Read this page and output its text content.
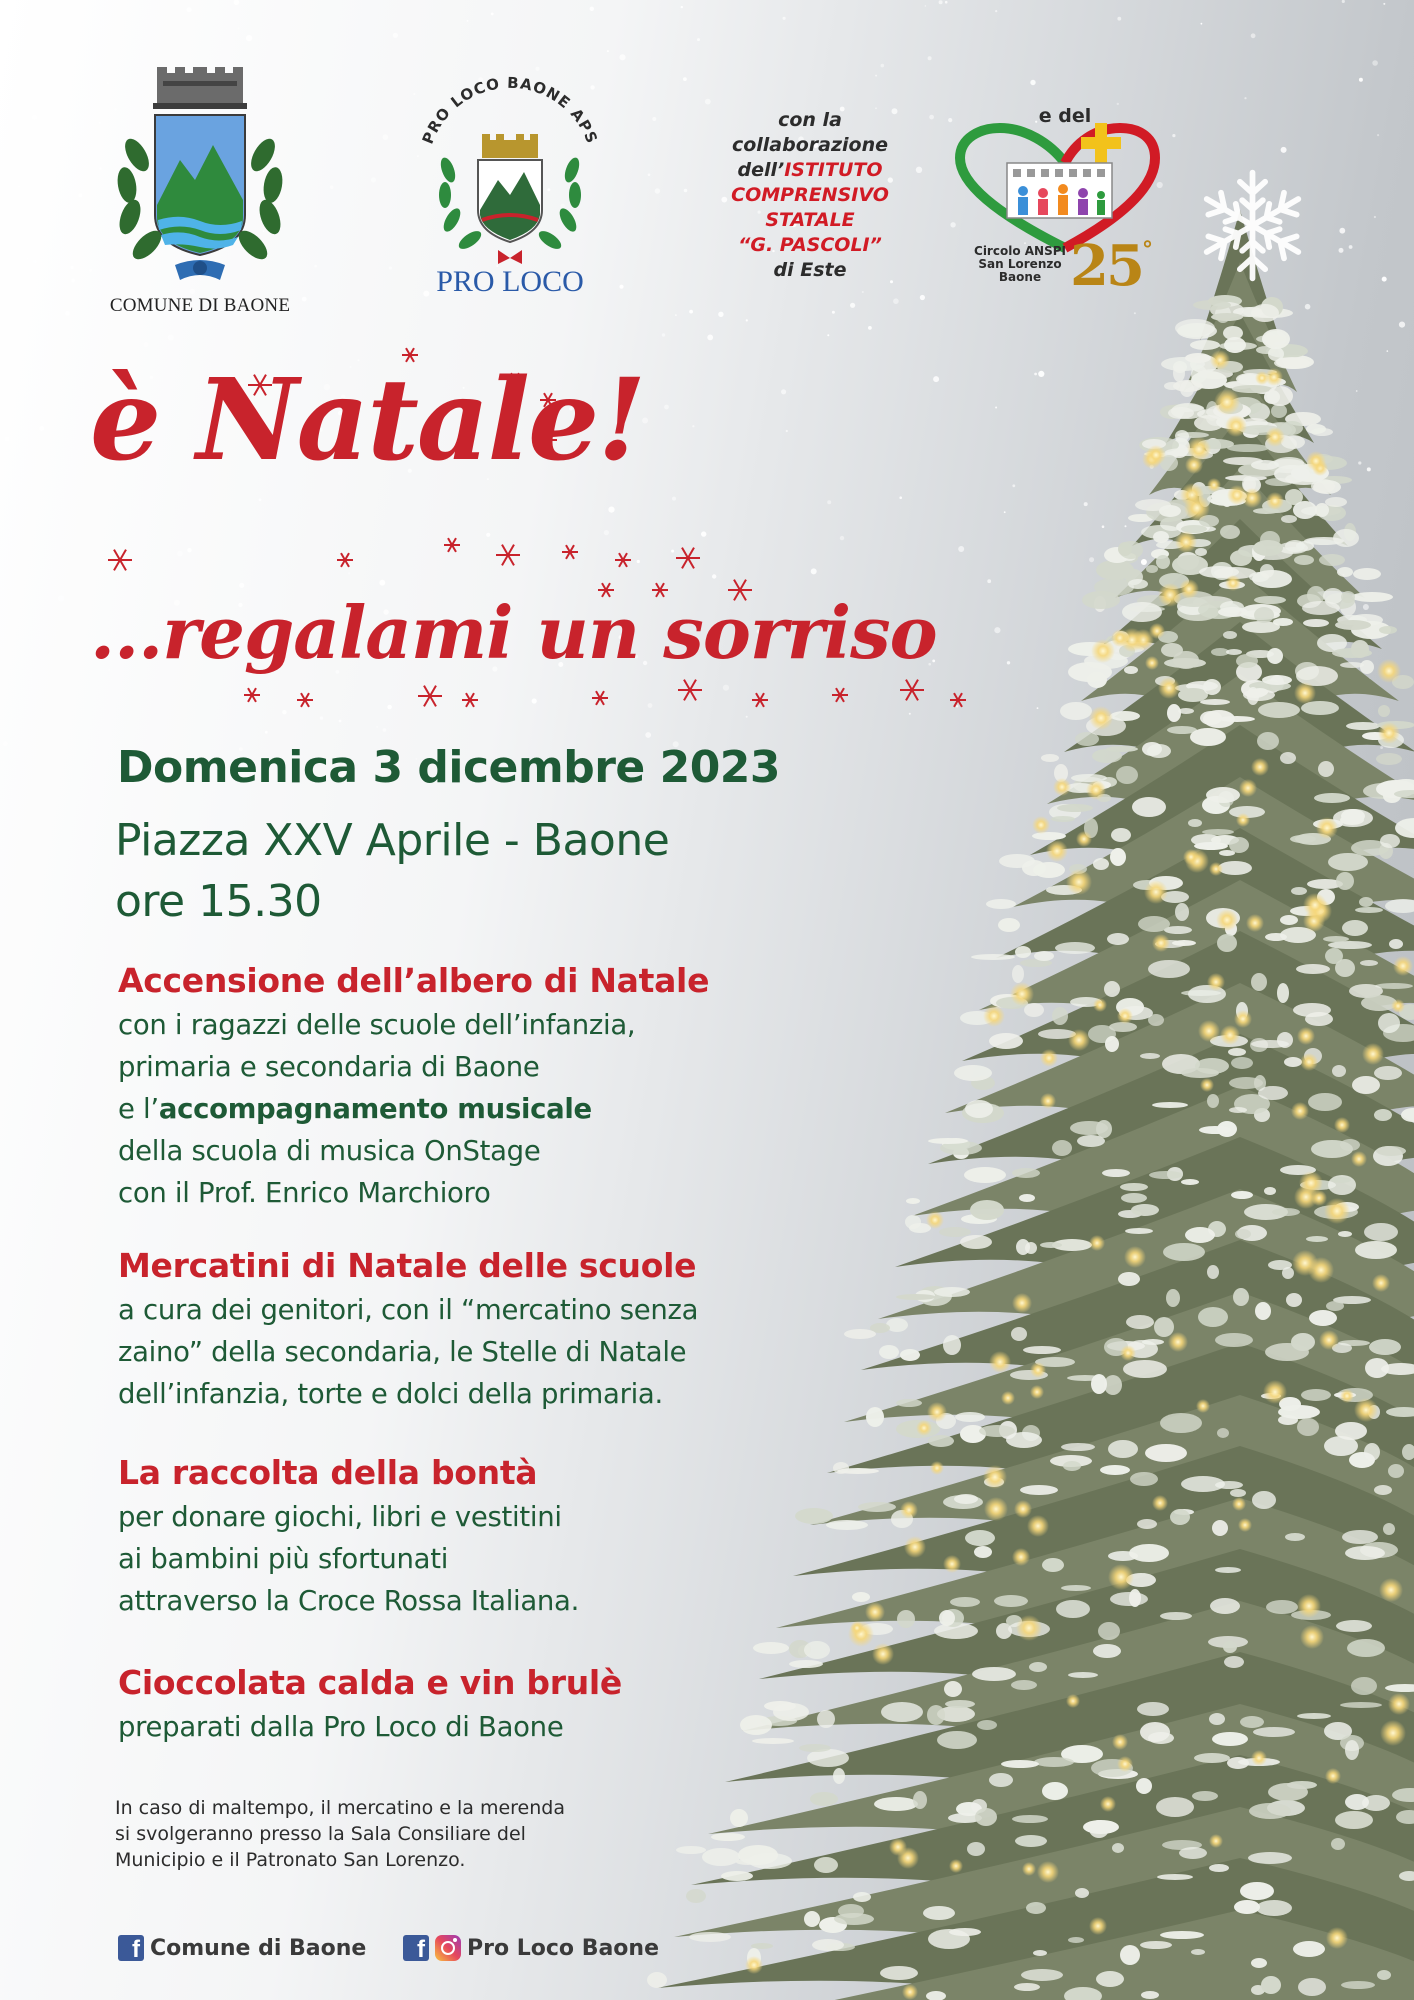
COMUNE DI BAONE
PRO LOCO BAONE APS
PRO LOCO
con la
collaborazione
dell’ISTITUTO
COMPRENSIVO
STATALE
“G. PASCOLI”
di Este
e del
Circolo ANSPI
San Lorenzo
Baone 25°
è Natale!
...regalami un sorriso
Domenica 3 dicembre 2023
Piazza XXV Aprile - Baone
ore 15.30
Accensione dell’albero di Natale

con i ragazzi delle scuole dell’infanzia,

primaria e secondaria di Baone

e l’accompagnamento musicale

della scuola di musica OnStage

con il Prof. Enrico Marchioro

Mercatini di Natale delle scuole

a cura dei genitori, con il “mercatino senza

zaino” della secondaria, le Stelle di Natale

dell’infanzia, torte e dolci della primaria.

La raccolta della bontà

per donare giochi, libri e vestitini

ai bambini più sfortunati

attraverso la Croce Rossa Italiana.

Cioccolata calda e vin brulè

preparati dalla Pro Loco di Baone

In caso di maltempo, il mercatino e la merenda
si svolgeranno presso la Sala Consiliare del
Municipio e il Patronato San Lorenzo.
f Comune di Baone	f Pro Loco Baone
